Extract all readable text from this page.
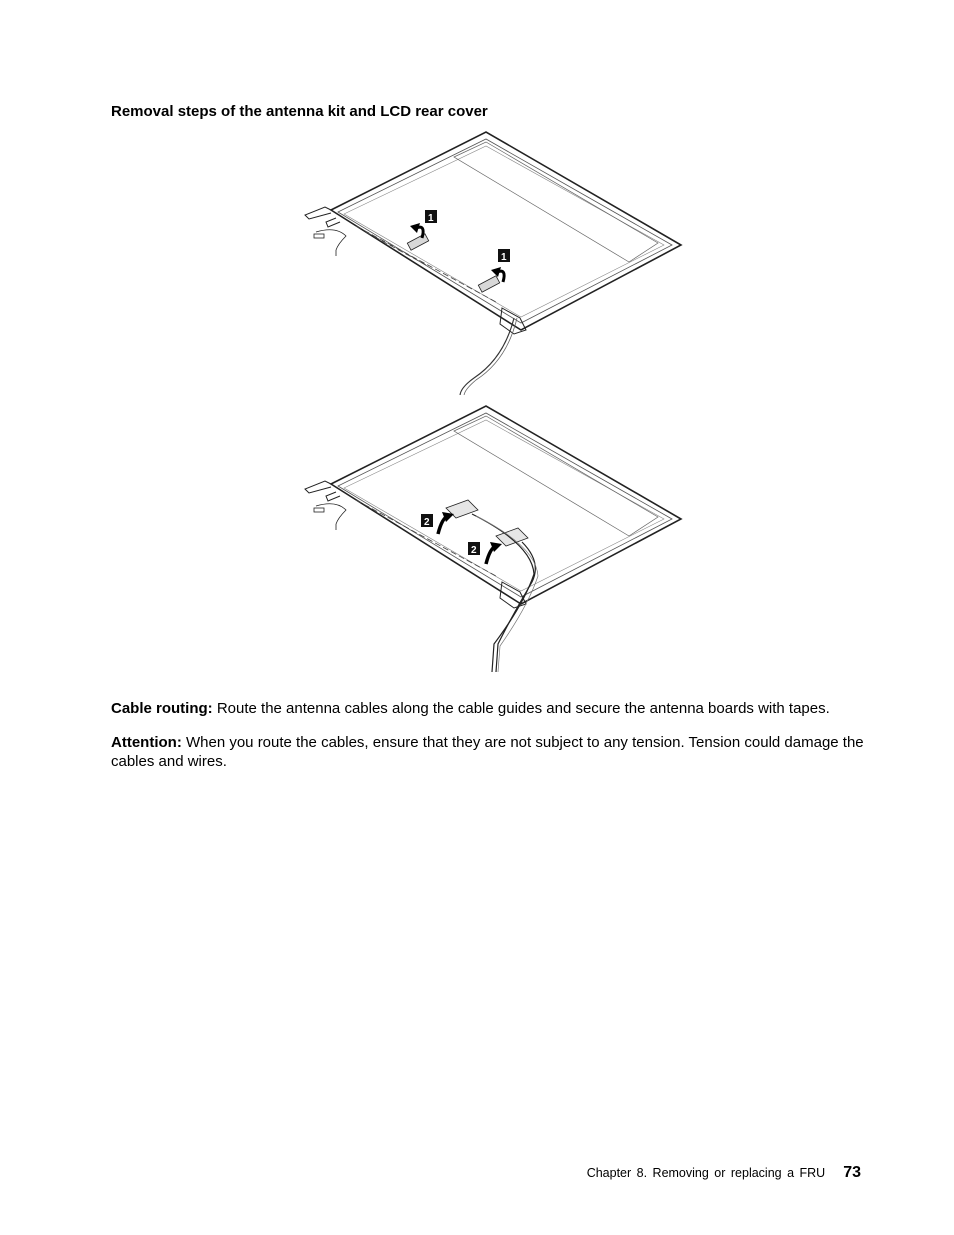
Removal steps of the antenna kit and LCD rear cover
1
1
2
2

Cable routing: Route the antenna cables along the cable guides and secure the antenna boards with tapes.

Attention: When you route the cables, ensure that they are not subject to any tension. Tension could damage the cables and wires.

Chapter 8. Removing or replacing a FRU 73
